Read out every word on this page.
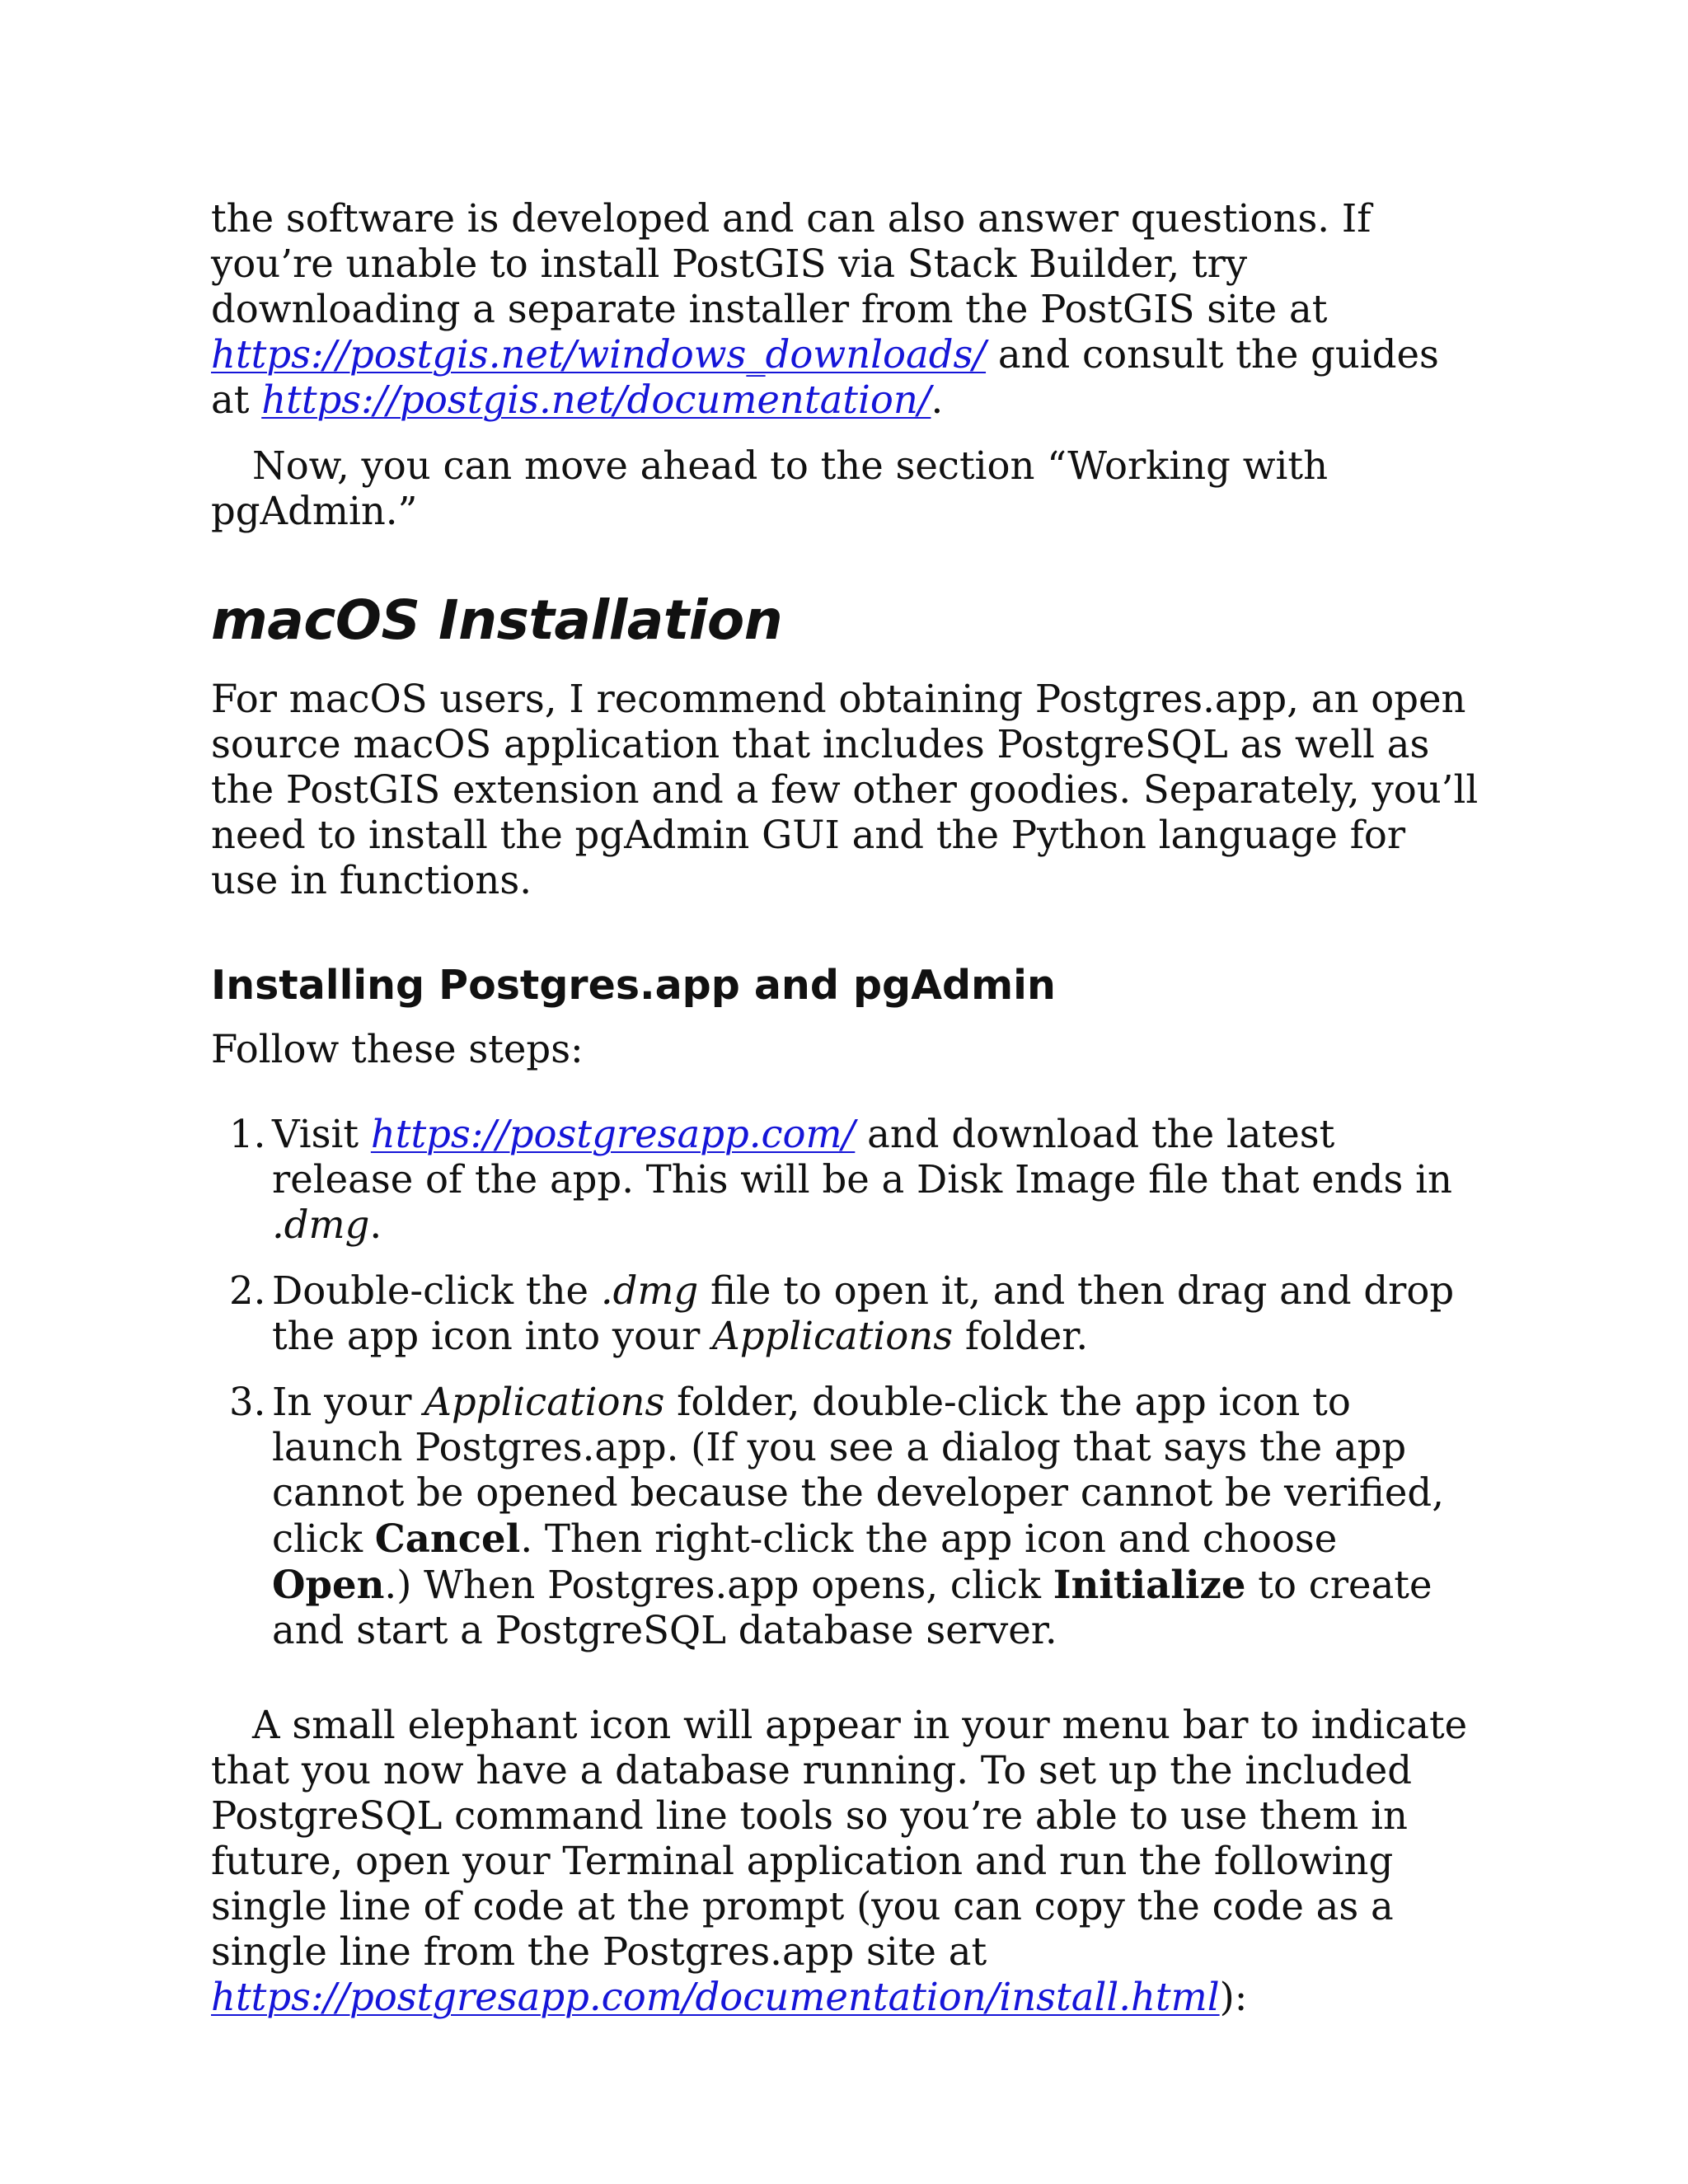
the software is developed and can also answer questions. If you’re unable to install PostGIS via Stack Builder, try downloading a separate installer from the PostGIS site at https://postgis.net/windows_downloads/ and consult the guides at https://postgis.net/documentation/.

Now, you can move ahead to the section “Working with pgAdmin.”

macOS Installation

For macOS users, I recommend obtaining Postgres.app, an open source macOS application that includes PostgreSQL as well as the PostGIS extension and a few other goodies. Separately, you’ll need to install the pgAdmin GUI and the Python language for use in functions.

Installing Postgres.app and pgAdmin

Follow these steps:

1. Visit https://postgresapp.com/ and download the latest release of the app. This will be a Disk Image file that ends in .dmg.
2. Double-click the .dmg file to open it, and then drag and drop the app icon into your Applications folder.
3. In your Applications folder, double-click the app icon to launch Postgres.app. (If you see a dialog that says the app cannot be opened because the developer cannot be verified, click Cancel. Then right-click the app icon and choose Open.) When Postgres.app opens, click Initialize to create and start a PostgreSQL database server.

A small elephant icon will appear in your menu bar to indicate that you now have a database running. To set up the included PostgreSQL command line tools so you’re able to use them in future, open your Terminal application and run the following single line of code at the prompt (you can copy the code as a single line from the Postgres.app site at https://postgresapp.com/documentation/install.html):
